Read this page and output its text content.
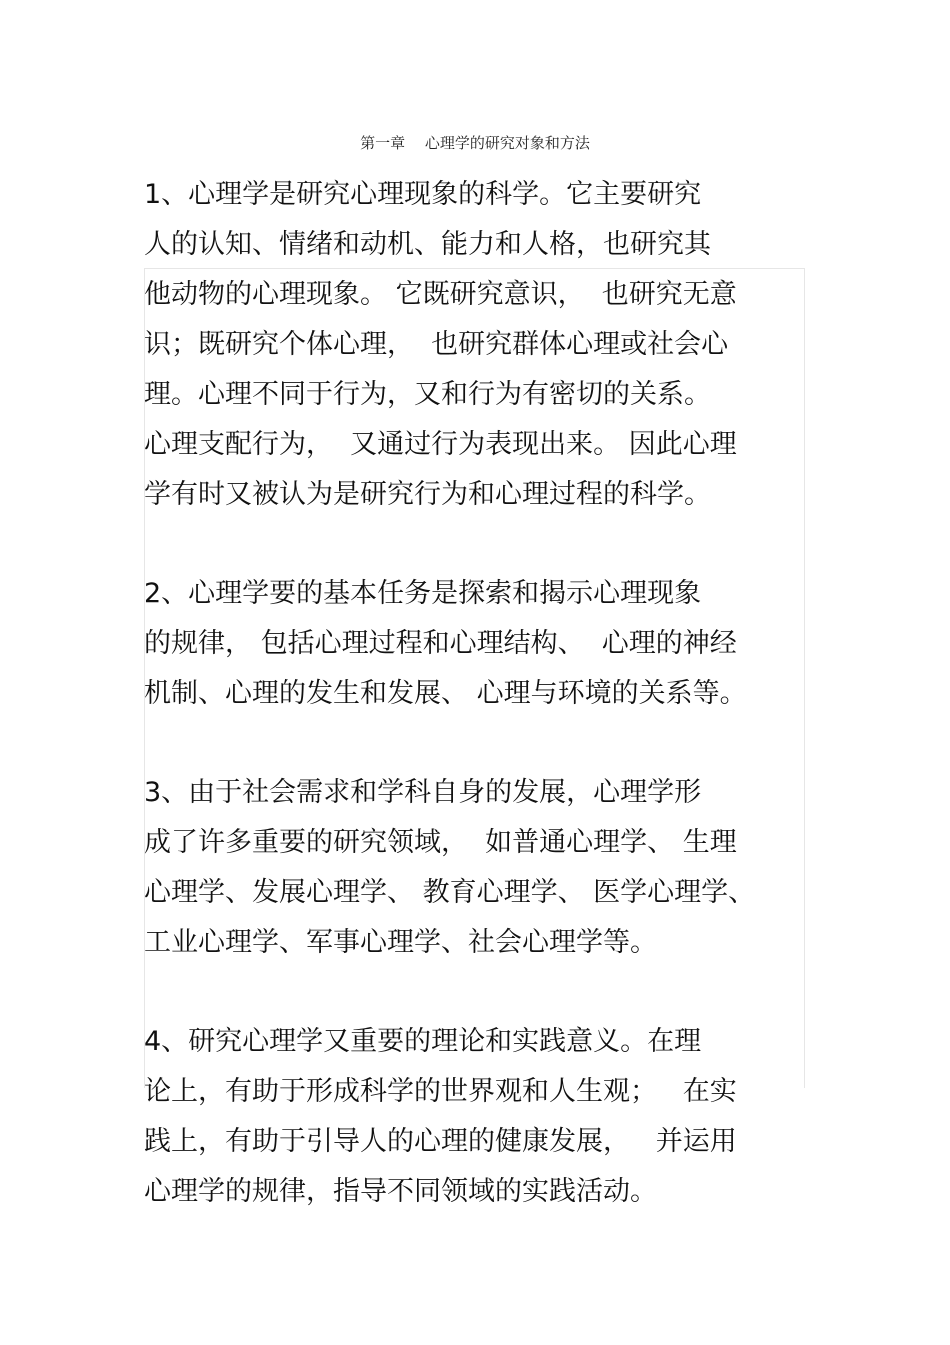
第一章　 心理学的研究对象和方法
1、心理学是研究心理现象的科学。它主要研究
人的认知、情绪和动机、能力和人格，也研究其
他动物的心理现象。 它既研究意识，  也研究无意
识；既研究个体心理，  也研究群体心理或社会心
理。心理不同于行为，又和行为有密切的关系。
心理支配行为，  又通过行为表现出来。 因此心理
学有时又被认为是研究行为和心理过程的科学。
2、心理学要的基本任务是探索和揭示心理现象
的规律， 包括心理过程和心理结构、  心理的神经
机制、心理的发生和发展、 心理与环境的关系等。
3、由于社会需求和学科自身的发展，心理学形
成了许多重要的研究领域，  如普通心理学、 生理
心理学、发展心理学、 教育心理学、 医学心理学、
工业心理学、军事心理学、社会心理学等。
4、研究心理学又重要的理论和实践意义。在理
论上，有助于形成科学的世界观和人生观；   在实
践上，有助于引导人的心理的健康发展，   并运用
心理学的规律，指导不同领域的实践活动。
